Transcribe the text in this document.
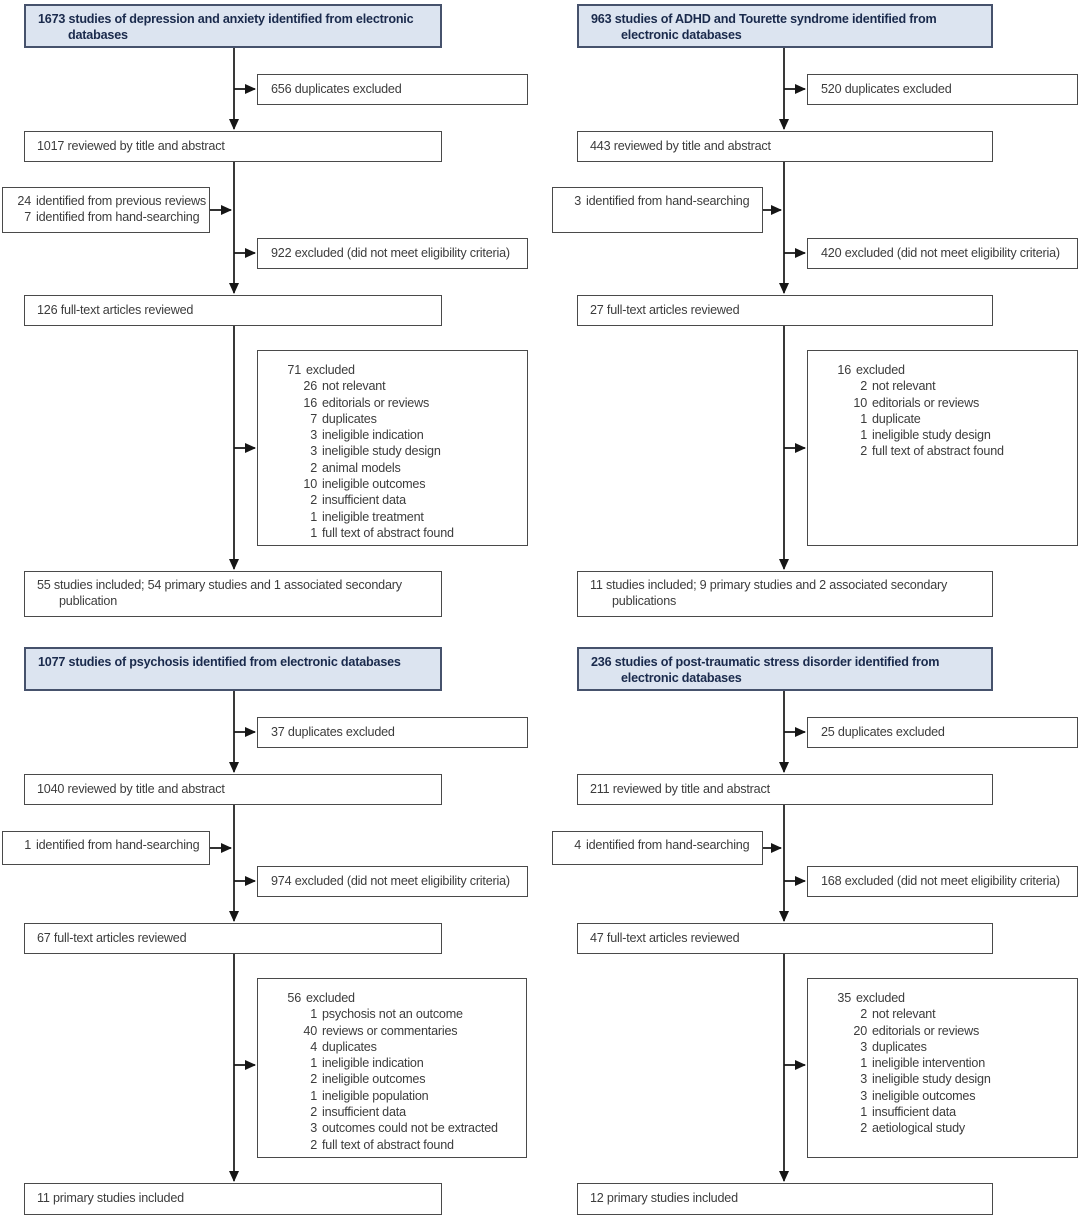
1673 studies of depression and anxiety identified from electronic databases
656 duplicates excluded
1017 reviewed by title and abstract
24 identified from previous reviews
7 identified from hand-searching
922 excluded (did not meet eligibility criteria)
126 full-text articles reviewed
71 excluded
26 not relevant
16 editorials or reviews
7 duplicates
3 ineligible indication
3 ineligible study design
2 animal models
10 ineligible outcomes
2 insufficient data
1 ineligible treatment
1 full text of abstract found
55 studies included; 54 primary studies and 1 associated secondary publication
963 studies of ADHD and Tourette syndrome identified from electronic databases
520 duplicates excluded
443 reviewed by title and abstract
3 identified from hand-searching
420 excluded (did not meet eligibility criteria)
27 full-text articles reviewed
16 excluded
2 not relevant
10 editorials or reviews
1 duplicate
1 ineligible study design
2 full text of abstract found
11 studies included; 9 primary studies and 2 associated secondary publications
1077 studies of psychosis identified from electronic databases
37 duplicates excluded
1040 reviewed by title and abstract
1 identified from hand-searching
974 excluded (did not meet eligibility criteria)
67 full-text articles reviewed
56 excluded
1 psychosis not an outcome
40 reviews or commentaries
4 duplicates
1 ineligible indication
2 ineligible outcomes
1 ineligible population
2 insufficient data
3 outcomes could not be extracted
2 full text of abstract found
11 primary studies included
236 studies of post-traumatic stress disorder identified from electronic databases
25 duplicates excluded
211 reviewed by title and abstract
4 identified from hand-searching
168 excluded (did not meet eligibility criteria)
47 full-text articles reviewed
35 excluded
2 not relevant
20 editorials or reviews
3 duplicates
1 ineligible intervention
3 ineligible study design
3 ineligible outcomes
1 insufficient data
2 aetiological study
12 primary studies included
